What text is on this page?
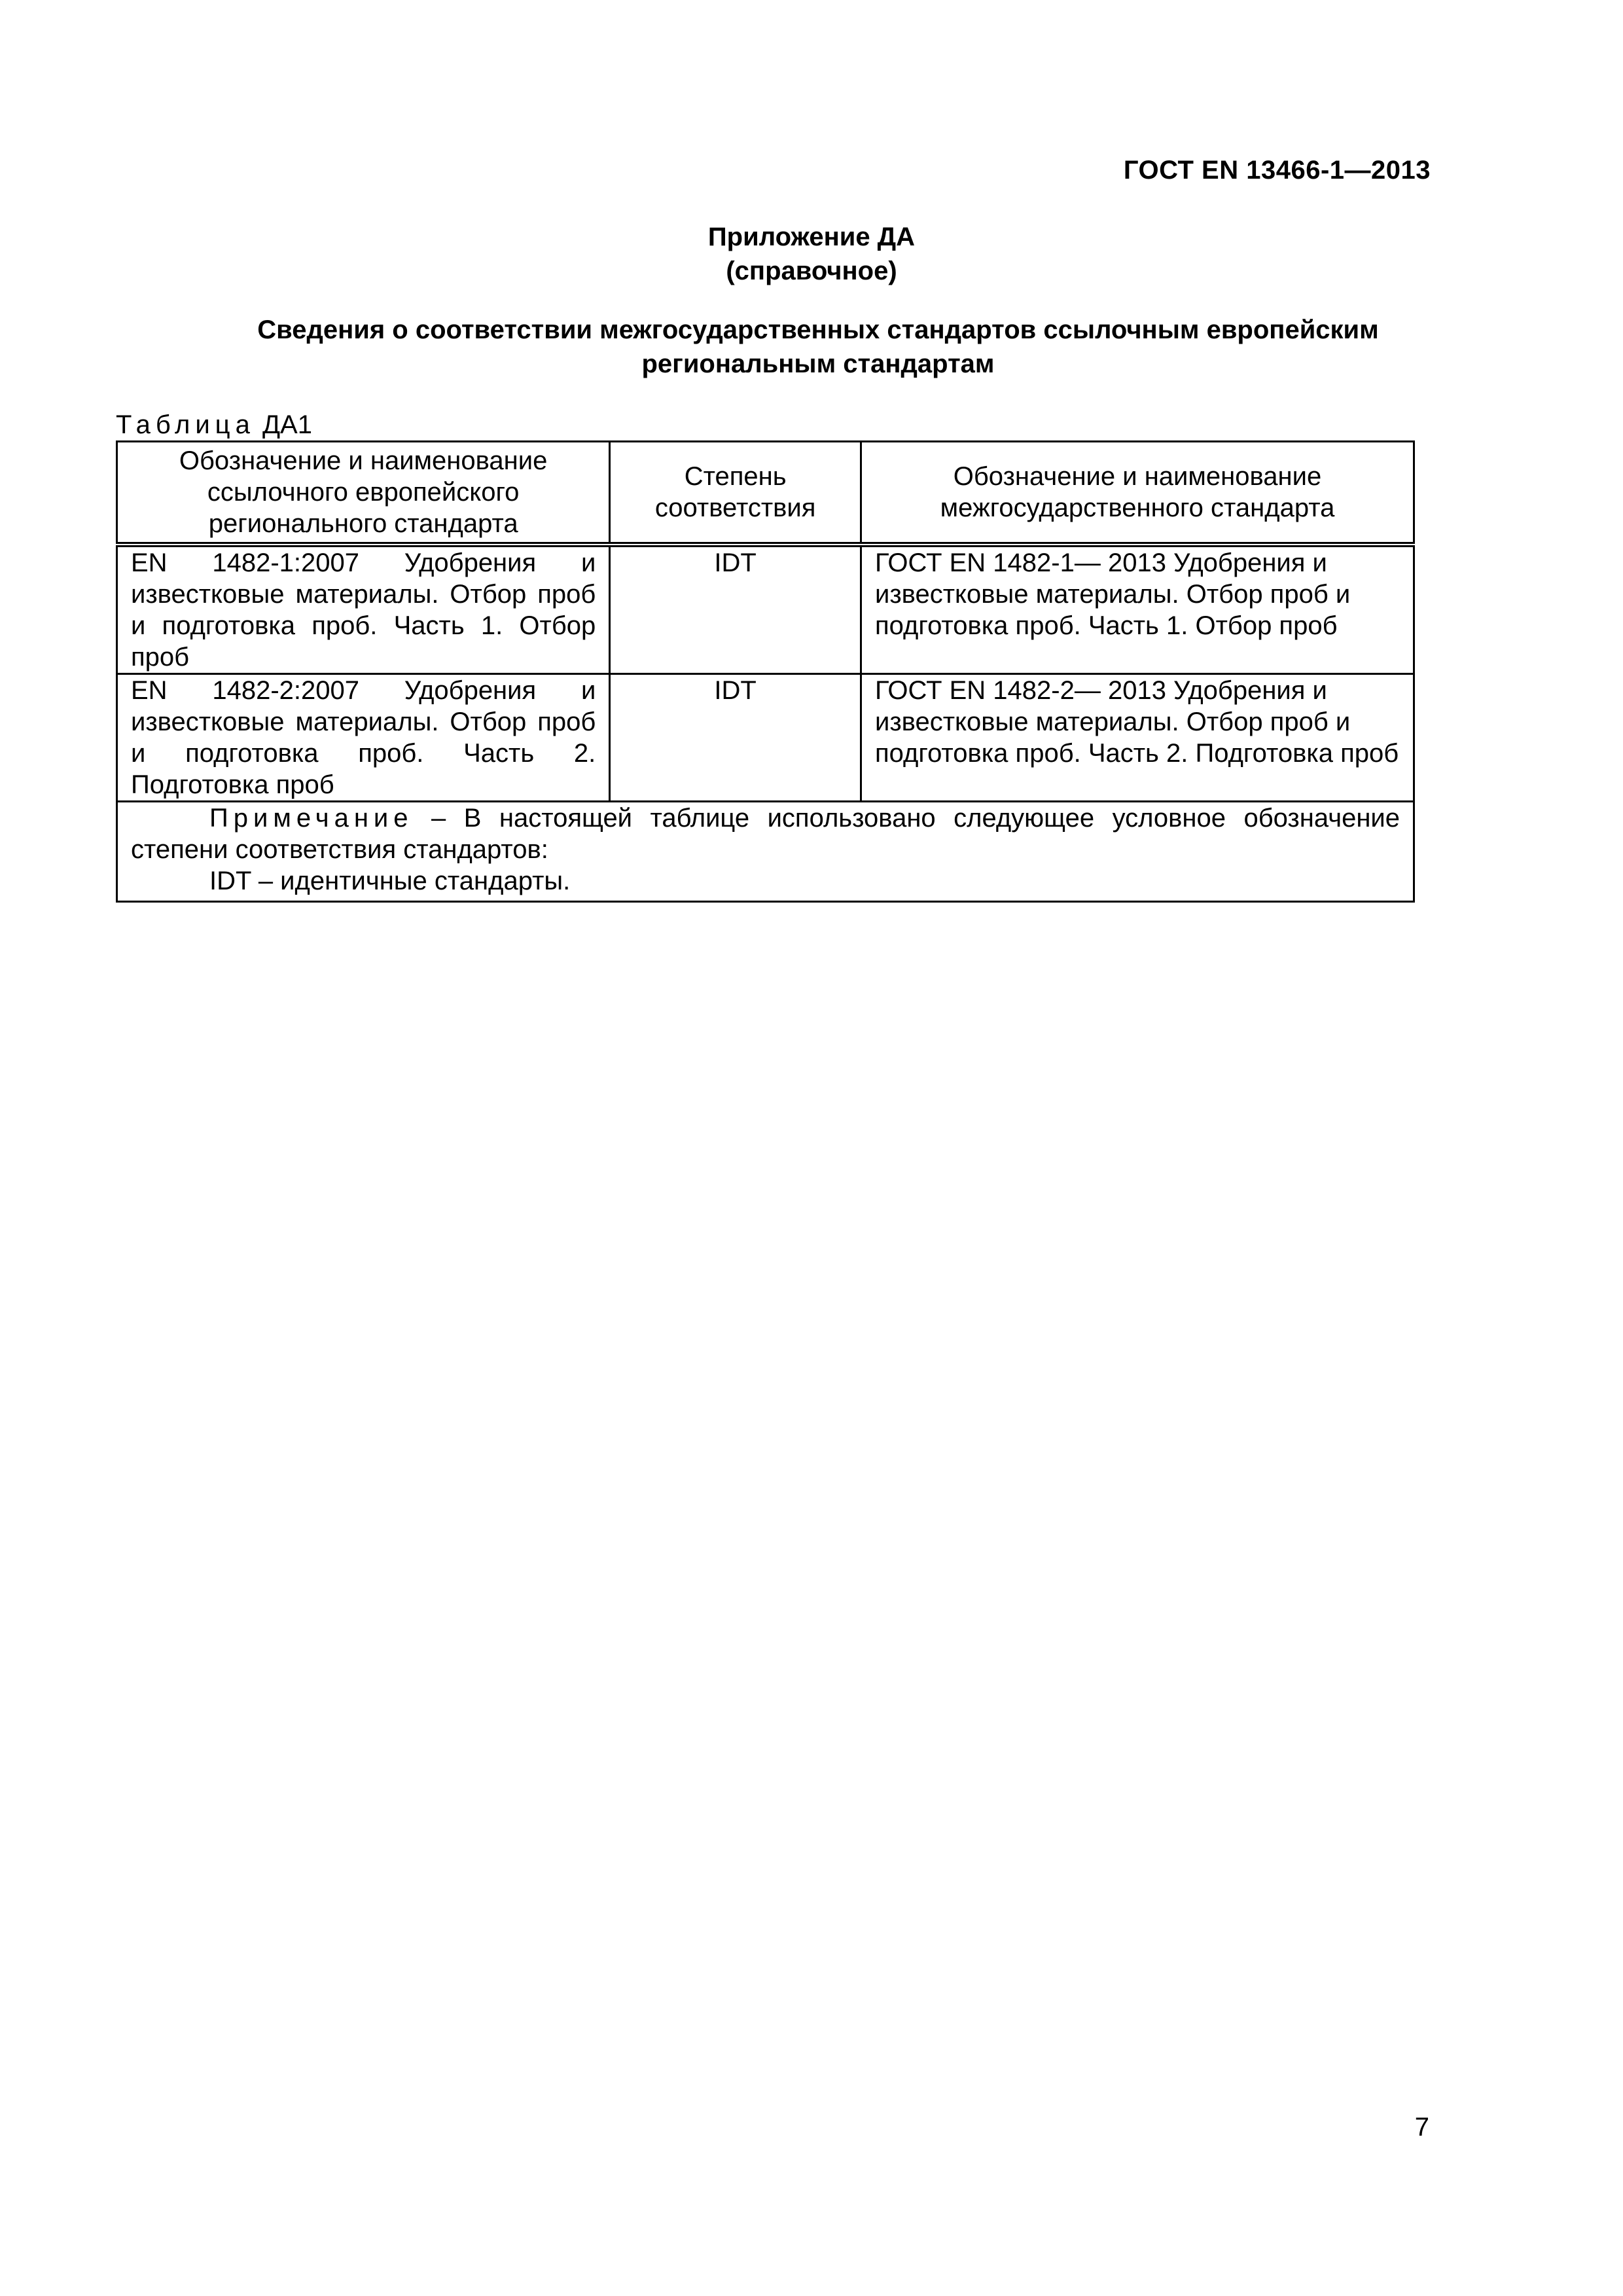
ГОСТ EN 13466-1—2013
Приложение ДА
(справочное)
Сведения о соответствии межгосударственных стандартов ссылочным европейским
региональным стандартам
Таблица ДА1
Обозначение и наименование ссылочного европейского регионального стандарта	Степень соответствия	Обозначение и наименование межгосударственного стандарта
EN 1482-1:2007 Удобрения и известковые материалы. Отбор проб и подготовка проб. Часть 1. Отбор проб	IDT	ГОСТ EN 1482-1— 2013 Удобрения и известковые материалы. Отбор проб и подготовка проб. Часть 1. Отбор проб
EN 1482-2:2007 Удобрения и известковые материалы. Отбор проб и подготовка проб. Часть 2. Подготовка проб	IDT	ГОСТ EN 1482-2— 2013 Удобрения и известковые материалы. Отбор проб и подготовка проб. Часть 2. Подготовка проб
Примечание – В настоящей таблице использовано следующее условное обозначение степени соответствия стандартов:
IDT – идентичные стандарты.		
7
